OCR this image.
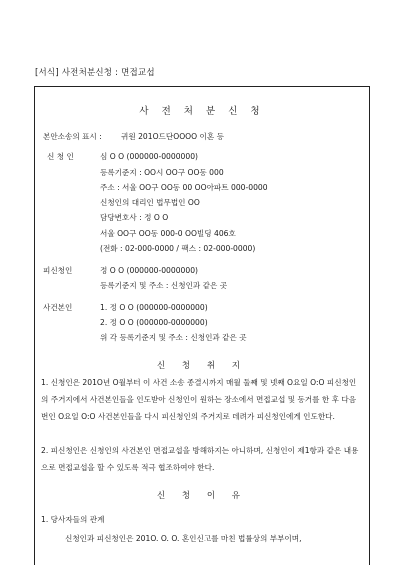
[서식] 사전처분신청 : 면접교섭
사 전 처 분 신 청
본안소송의 표시 :	귀원 201O드단OOOO 이혼 등
신 청 인	심 O O (000000-0000000)
등록기준지 : OO시 OO구 OO동 000
주소 : 서울 OO구 OO동 00 OO아파트 000-0000
신청인의 대리인 법무법인 OO
담당변호사 : 정 O O
서울 OO구 OO동 000-0 OO빌딩 406호
(전화 : 02-000-0000 / 팩스 : 02-000-0000)
피신청인	정 O O (000000-0000000)
등록기준지 및 주소 : 신청인과 같은 곳
사건본인	1. 정 O O (000000-0000000)
2. 정 O O (000000-0000000)
위 각 등록기준지 및 주소 : 신청인과 같은 곳
신 청 취 지
1. 신청인은 201O년 O월부터 이 사건 소송 종결시까지 매월 둘째 및 넷째 O요일 O:O 피신청인의 주거지에서 사건본인들을 인도받아 신청인이 원하는 장소에서 면접교섭 및 동거를 한 후 다음번인 O요일 O:O 사건본인들을 다시 피신청인의 주거지로 데려가 피신청인에게 인도한다.
2. 피신청인은 신청인의 사건본인 면접교섭을 방해하지는 아니하며, 신청인이 제1항과 같은 내용으로 면접교섭을 할 수 있도록 적극 협조하여야 한다.
신 청 이 유
1. 당사자들의 관계
신청인과 피신청인은 201O. O. O. 혼인신고를 마친 법률상의 부부이며,
